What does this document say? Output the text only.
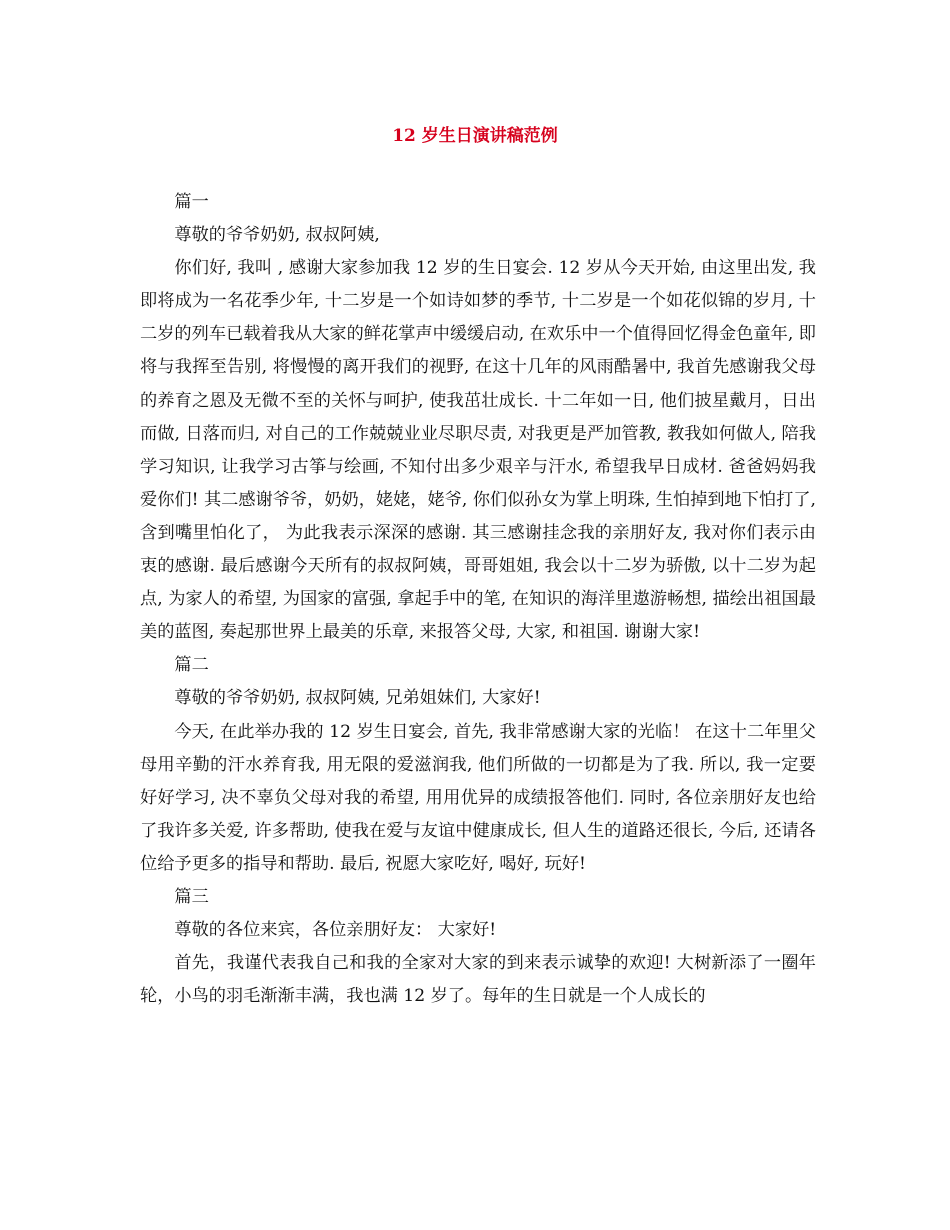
12 岁生日演讲稿范例

篇一

尊敬的爷爷奶奶, 叔叔阿姨,

你们好, 我叫 , 感谢大家参加我 12 岁的生日宴会. 12 岁从今天开始, 由这里出发, 我即将成为一名花季少年, 十二岁是一个如诗如梦的季节, 十二岁是一个如花似锦的岁月, 十二岁的列车已载着我从大家的鲜花掌声中缓缓启动, 在欢乐中一个值得回忆得金色童年, 即将与我挥至告别, 将慢慢的离开我们的视野, 在这十几年的风雨酷暑中, 我首先感谢我父母的养育之恩及无微不至的关怀与呵护, 使我茁壮成长. 十二年如一日, 他们披星戴月，日出而做, 日落而归, 对自己的工作兢兢业业尽职尽责, 对我更是严加管教, 教我如何做人, 陪我学习知识, 让我学习古筝与绘画, 不知付出多少艰辛与汗水, 希望我早日成材. 爸爸妈妈我爱你们! 其二感谢爷爷，奶奶，姥姥，姥爷, 你们似孙女为掌上明珠, 生怕掉到地下怕打了, 含到嘴里怕化了， 为此我表示深深的感谢. 其三感谢挂念我的亲朋好友, 我对你们表示由衷的感谢. 最后感谢今天所有的叔叔阿姨，哥哥姐姐, 我会以十二岁为骄傲, 以十二岁为起点, 为家人的希望, 为国家的富强, 拿起手中的笔, 在知识的海洋里遨游畅想, 描绘出祖国最美的蓝图, 奏起那世界上最美的乐章, 来报答父母, 大家, 和祖国. 谢谢大家!

篇二

尊敬的爷爷奶奶, 叔叔阿姨, 兄弟姐妹们, 大家好!

今天, 在此举办我的 12 岁生日宴会, 首先, 我非常感谢大家的光临！ 在这十二年里父母用辛勤的汗水养育我, 用无限的爱滋润我, 他们所做的一切都是为了我. 所以, 我一定要好好学习, 决不辜负父母对我的希望, 用用优异的成绩报答他们. 同时, 各位亲朋好友也给了我许多关爱, 许多帮助, 使我在爱与友谊中健康成长, 但人生的道路还很长, 今后, 还请各位给予更多的指导和帮助. 最后, 祝愿大家吃好, 喝好, 玩好!

篇三

尊敬的各位来宾，各位亲朋好友： 大家好!

首先，我谨代表我自己和我的全家对大家的到来表示诚挚的欢迎! 大树新添了一圈年轮，小鸟的羽毛渐渐丰满，我也满 12 岁了。每年的生日就是一个人成长的
